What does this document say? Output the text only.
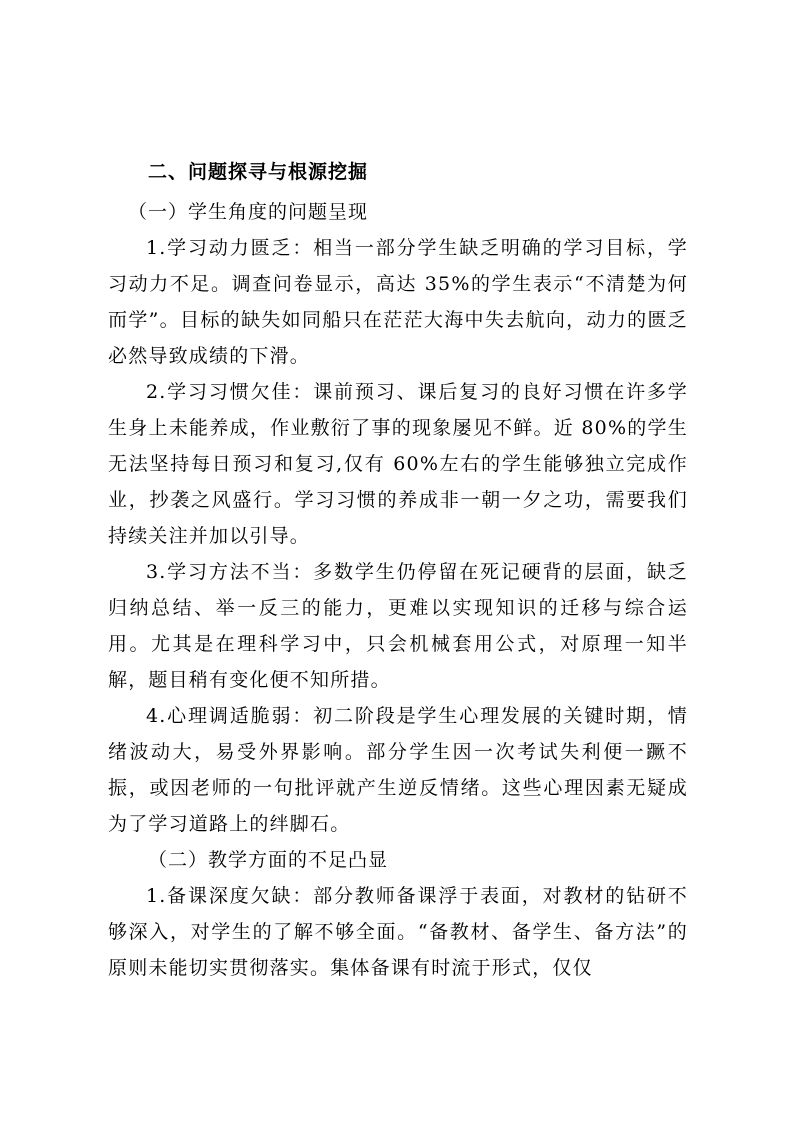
二、问题探寻与根源挖掘

（一）学生角度的问题呈现

1.学习动力匮乏：相当一部分学生缺乏明确的学习目标，学习动力不足。调查问卷显示，高达 35%的学生表示“不清楚为何而学”。目标的缺失如同船只在茫茫大海中失去航向，动力的匮乏必然导致成绩的下滑。

2.学习习惯欠佳：课前预习、课后复习的良好习惯在许多学生身上未能养成，作业敷衍了事的现象屡见不鲜。近 80%的学生无法坚持每日预习和复习,仅有 60%左右的学生能够独立完成作业，抄袭之风盛行。学习习惯的养成非一朝一夕之功，需要我们持续关注并加以引导。

3.学习方法不当：多数学生仍停留在死记硬背的层面，缺乏归纳总结、举一反三的能力，更难以实现知识的迁移与综合运用。尤其是在理科学习中，只会机械套用公式，对原理一知半解，题目稍有变化便不知所措。

4.心理调适脆弱：初二阶段是学生心理发展的关键时期，情绪波动大，易受外界影响。部分学生因一次考试失利便一蹶不振，或因老师的一句批评就产生逆反情绪。这些心理因素无疑成为了学习道路上的绊脚石。

（二）教学方面的不足凸显

1.备课深度欠缺：部分教师备课浮于表面，对教材的钻研不够深入，对学生的了解不够全面。“备教材、备学生、备方法”的原则未能切实贯彻落实。集体备课有时流于形式，仅仅
